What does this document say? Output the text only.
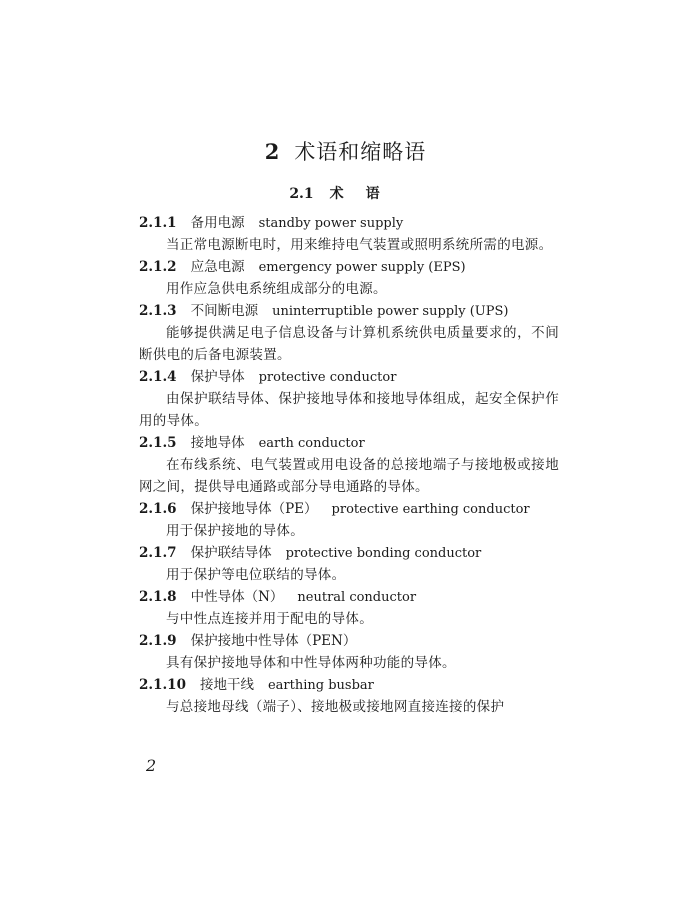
2 术语和缩略语
2.1 术语
2.1.1 备用电源 standby power supply
当正常电源断电时，用来维持电气装置或照明系统所需的电源。
2.1.2 应急电源 emergency power supply (EPS)
用作应急供电系统组成部分的电源。
2.1.3 不间断电源 uninterruptible power supply (UPS)
能够提供满足电子信息设备与计算机系统供电质量要求的，不间断供电的后备电源装置。
2.1.4 保护导体 protective conductor
由保护联结导体、保护接地导体和接地导体组成，起安全保护作用的导体。
2.1.5 接地导体 earth conductor
在布线系统、电气装置或用电设备的总接地端子与接地极或接地网之间，提供导电通路或部分导电通路的导体。
2.1.6 保护接地导体（PE） protective earthing conductor
用于保护接地的导体。
2.1.7 保护联结导体 protective bonding conductor
用于保护等电位联结的导体。
2.1.8 中性导体（N） neutral conductor
与中性点连接并用于配电的导体。
2.1.9 保护接地中性导体（PEN）
具有保护接地导体和中性导体两种功能的导体。
2.1.10 接地干线 earthing busbar
与总接地母线（端子）、接地极或接地网直接连接的保护
2
